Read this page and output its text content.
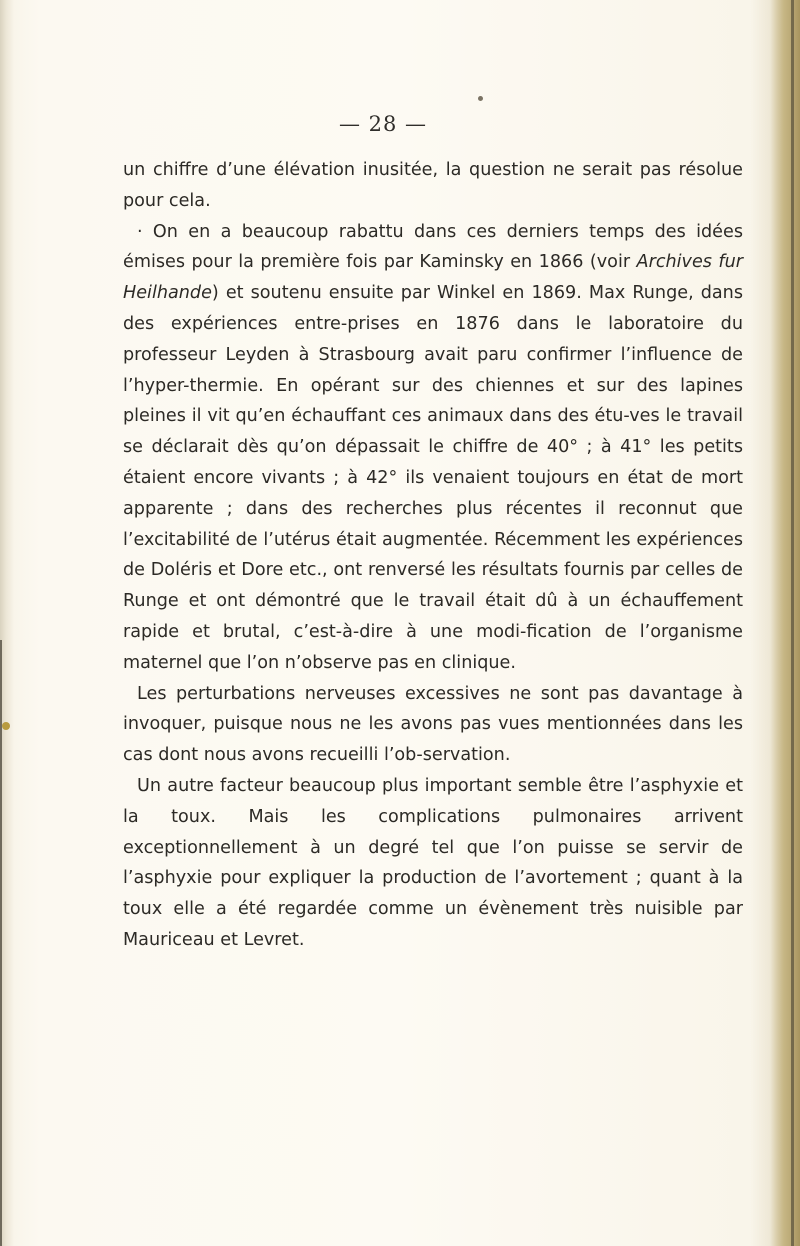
— 28 —

un chiffre d’une élévation inusitée, la question ne serait pas résolue pour cela.

· On en a beaucoup rabattu dans ces derniers temps des idées émises pour la première fois par Kaminsky en 1866 (voir Archives fur Heilhande) et soutenu ensuite par Winkel en 1869. Max Runge, dans des expériences entre-prises en 1876 dans le laboratoire du professeur Leyden à Strasbourg avait paru confirmer l’influence de l’hyper-thermie. En opérant sur des chiennes et sur des lapines pleines il vit qu’en échauffant ces animaux dans des étu-ves le travail se déclarait dès qu’on dépassait le chiffre de 40° ; à 41° les petits étaient encore vivants ; à 42° ils venaient toujours en état de mort apparente ; dans des recherches plus récentes il reconnut que l’excitabilité de l’utérus était augmentée. Récemment les expériences de Doléris et Dore etc., ont renversé les résultats fournis par celles de Runge et ont démontré que le travail était dû à un échauffement rapide et brutal, c’est-à-dire à une modi-fication de l’organisme maternel que l’on n’observe pas en clinique.

Les perturbations nerveuses excessives ne sont pas davantage à invoquer, puisque nous ne les avons pas vues mentionnées dans les cas dont nous avons recueilli l’ob-servation.

Un autre facteur beaucoup plus important semble être l’asphyxie et la toux. Mais les complications pulmonaires arrivent exceptionnellement à un degré tel que l’on puisse se servir de l’asphyxie pour expliquer la production de l’avortement ; quant à la toux elle a été regardée comme un évènement très nuisible par Mauriceau et Levret.
